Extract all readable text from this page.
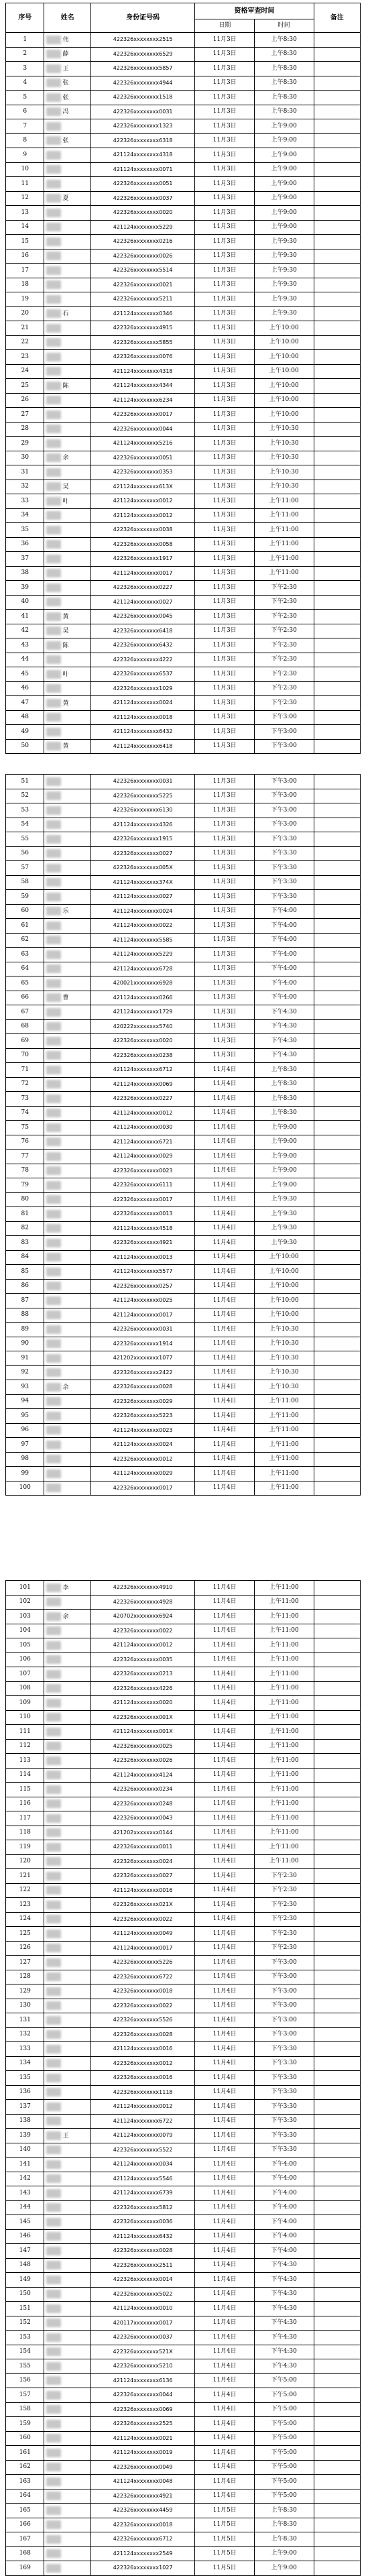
序号	姓名	身份证号码	资格审查时间		备注
			日期	时间	
1	伟	422326xxxxxxxx2515	11月3日	上午8:30	
2	薛	422326xxxxxxxx6529	11月3日	上午8:30	
3	王	422326xxxxxxxx5857	11月3日	上午8:30	
4	张	422326xxxxxxxx4944	11月3日	上午8:30	
5	张	422326xxxxxxxx1518	11月3日	上午8:30	
6	冯	422326xxxxxxxx0031	11月3日	上午8:30	
7		422326xxxxxxxx1323	11月3日	上午9:00	
8	张	422326xxxxxxxx6318	11月3日	上午9:00	
9		421124xxxxxxxx4318	11月3日	上午9:00	
10		421124xxxxxxxx0071	11月3日	上午9:00	
11		422326xxxxxxxx0051	11月3日	上午9:00	
12	夏	422326xxxxxxxx0037	11月3日	上午9:00	
13		422326xxxxxxxx0020	11月3日	上午9:00	
14		421124xxxxxxxx5229	11月3日	上午9:00	
15		422326xxxxxxxx0216	11月3日	上午9:30	
16		422326xxxxxxxx0026	11月3日	上午9:30	
17		422326xxxxxxxx5514	11月3日	上午9:30	
18		422326xxxxxxxx0021	11月3日	上午9:30	
19		422326xxxxxxxx5211	11月3日	上午9:30	
20	石	421124xxxxxxxx0346	11月3日	上午9:30	
21		422326xxxxxxxx4915	11月3日	上午10:00	
22		422326xxxxxxxx5855	11月3日	上午10:00	
23		422326xxxxxxxx0076	11月3日	上午10:00	
24		421124xxxxxxxx4318	11月3日	上午10:00	
25	陈	421124xxxxxxxx4344	11月3日	上午10:00	
26		421124xxxxxxxx6234	11月3日	上午10:00	
27		422326xxxxxxxx0017	11月3日	上午10:00	
28		422326xxxxxxxx0044	11月3日	上午10:30	
29		421124xxxxxxxx5216	11月3日	上午10:30	
30	余	422326xxxxxxxx0051	11月3日	上午10:30	
31		422326xxxxxxxx0353	11月3日	上午10:30	
32	吴	421124xxxxxxxx613X	11月3日	上午10:30	
33	叶	421124xxxxxxxx0012	11月3日	上午11:00	
34		421124xxxxxxxx0012	11月3日	上午11:00	
35		422326xxxxxxxx0038	11月3日	上午11:00	
36		422326xxxxxxxx0058	11月3日	上午11:00	
37		422326xxxxxxxx1917	11月3日	上午11:00	
38		421124xxxxxxxx0017	11月3日	上午11:00	
39		422326xxxxxxxx0227	11月3日	下午2:30	
40		421124xxxxxxxx0027	11月3日	下午2:30	
41	黄	422326xxxxxxxx0045	11月3日	下午2:30	
42	吴	422326xxxxxxxx6418	11月3日	下午2:30	
43	陈	422326xxxxxxxx6432	11月3日	下午2:30	
44		422326xxxxxxxx4222	11月3日	下午2:30	
45	叶	422326xxxxxxxx6537	11月3日	下午2:30	
46		422326xxxxxxxx1029	11月3日	下午2:30	
47	黄	421124xxxxxxxx0024	11月3日	下午2:30	
48		421124xxxxxxxx0018	11月3日	下午3:00	
49		421124xxxxxxxx6432	11月3日	下午3:00	
50	黄	421124xxxxxxxx6418	11月3日	下午3:00	
51		422326xxxxxxxx0031	11月3日	下午3:00	
52		422326xxxxxxxx5225	11月3日	下午3:00	
53		422326xxxxxxxx6130	11月3日	下午3:00	
54		421124xxxxxxxx4326	11月3日	下午3:00	
55		422326xxxxxxxx1915	11月3日	下午3:30	
56		422326xxxxxxxx0027	11月3日	下午3:30	
57		422326xxxxxxxx005X	11月3日	下午3:30	
58		421124xxxxxxxx374X	11月3日	下午3:30	
59		421124xxxxxxxx0027	11月3日	下午3:30	
60	乐	421124xxxxxxxx0024	11月3日	下午4:00	
61		421124xxxxxxxx0022	11月3日	下午4:00	
62		421124xxxxxxxx5585	11月3日	下午4:00	
63		421124xxxxxxxx5229	11月3日	下午4:00	
64		421124xxxxxxxx6728	11月3日	下午4:00	
65		420021xxxxxxxx6928	11月3日	下午4:00	
66	曹	421124xxxxxxxx0266	11月3日	下午4:00	
67		421124xxxxxxxx1729	11月3日	下午4:30	
68		420222xxxxxxxx5740	11月3日	下午4:30	
69		422326xxxxxxxx0020	11月3日	下午4:30	
70		422326xxxxxxxx0238	11月3日	下午4:30	
71		421124xxxxxxxx6712	11月4日	上午8:30	
72		421124xxxxxxxx0069	11月4日	上午8:30	
73		422326xxxxxxxx0227	11月4日	上午8:30	
74		421124xxxxxxxx0012	11月4日	上午8:30	
75		421124xxxxxxxx0030	11月4日	上午9:00	
76		421124xxxxxxxx6721	11月4日	上午9:00	
77		421124xxxxxxxx0029	11月4日	上午9:00	
78		422326xxxxxxxx0023	11月4日	上午9:00	
79		422326xxxxxxxx6111	11月4日	上午9:00	
80		422326xxxxxxxx0017	11月4日	上午9:30	
81		422326xxxxxxxx0013	11月4日	上午9:30	
82		421124xxxxxxxx4518	11月4日	上午9:30	
83		422326xxxxxxxx4921	11月4日	上午9:30	
84		421124xxxxxxxx0013	11月4日	上午10:00	
85		421124xxxxxxxx5577	11月4日	上午10:00	
86		422326xxxxxxxx0257	11月4日	上午10:00	
87		421124xxxxxxxx0025	11月4日	上午10:00	
88		421124xxxxxxxx0017	11月4日	上午10:00	
89		422326xxxxxxxx0031	11月4日	上午10:30	
90		422326xxxxxxxx1914	11月4日	上午10:30	
91		421202xxxxxxxx1077	11月4日	上午10:30	
92		422326xxxxxxxx2422	11月4日	上午10:30	
93	余	422326xxxxxxxx0028	11月4日	上午10:30	
94		422326xxxxxxxx0029	11月4日	上午11:00	
95		422326xxxxxxxx5223	11月4日	上午11:00	
96		421124xxxxxxxx0023	11月4日	上午11:00	
97		421124xxxxxxxx0024	11月4日	上午11:00	
98		422326xxxxxxxx0012	11月4日	上午11:00	
99		421124xxxxxxxx0029	11月4日	上午11:00	
100		422326xxxxxxxx0017	11月4日	上午11:00	
101	李	422326xxxxxxxx4910	11月4日	上午11:00	
102		422326xxxxxxxx4928	11月4日	上午11:00	
103	余	420702xxxxxxxx6924	11月4日	上午11:00	
104		422326xxxxxxxx0022	11月4日	上午11:00	
105		421124xxxxxxxx0012	11月4日	上午11:00	
106		422326xxxxxxxx0035	11月4日	上午11:00	
107		422326xxxxxxxx0213	11月4日	上午11:00	
108		422326xxxxxxxx4226	11月4日	上午11:00	
109		421124xxxxxxxx0020	11月4日	上午11:00	
110		422326xxxxxxxx001X	11月4日	上午11:00	
111		421124xxxxxxxx001X	11月4日	上午11:00	
112		422326xxxxxxxx0025	11月4日	上午11:00	
113		422326xxxxxxxx0026	11月4日	上午11:00	
114		421124xxxxxxxx4124	11月4日	上午11:00	
115		422326xxxxxxxx0234	11月4日	上午11:00	
116		422326xxxxxxxx0248	11月4日	上午11:00	
117		422326xxxxxxxx0043	11月4日	上午11:00	
118		421202xxxxxxxx0144	11月4日	上午11:00	
119		422326xxxxxxxx0011	11月4日	上午11:00	
120		422326xxxxxxxx0024	11月4日	上午11:00	
121		422326xxxxxxxx0027	11月4日	下午2:30	
122		421124xxxxxxxx0016	11月4日	下午2:30	
123		422326xxxxxxxx021X	11月4日	下午2:30	
124		422326xxxxxxxx0022	11月4日	下午2:30	
125		421124xxxxxxxx0049	11月4日	下午2:30	
126		421124xxxxxxxx0017	11月4日	下午2:30	
127		422326xxxxxxxx5226	11月4日	下午3:00	
128		422326xxxxxxxx6722	11月4日	下午3:00	
129		422326xxxxxxxx0018	11月4日	下午3:00	
130		422326xxxxxxxx0022	11月4日	下午3:00	
131		422326xxxxxxxx5526	11月4日	下午3:00	
132		422326xxxxxxxx0028	11月4日	下午3:00	
133		421124xxxxxxxx0016	11月4日	下午3:30	
134		422326xxxxxxxx0012	11月4日	下午3:30	
135		422326xxxxxxxx0016	11月4日	下午3:30	
136		422326xxxxxxxx1118	11月4日	下午3:30	
137		421124xxxxxxxx0012	11月4日	下午3:30	
138		421124xxxxxxxx6722	11月4日	下午3:30	
139	王	421124xxxxxxxx0079	11月4日	下午3:30	
140		422326xxxxxxxx5522	11月4日	下午3:30	
141		421124xxxxxxxx0034	11月4日	下午4:00	
142		421124xxxxxxxx5546	11月4日	下午4:00	
143		421124xxxxxxxx6739	11月4日	下午4:00	
144		422326xxxxxxxx5812	11月4日	下午4:00	
145		422326xxxxxxxx0036	11月4日	下午4:00	
146		421124xxxxxxxx6432	11月4日	下午4:00	
147		422326xxxxxxxx0028	11月4日	下午4:00	
148		422326xxxxxxxx2511	11月4日	下午4:30	
149		422326xxxxxxxx0014	11月4日	下午4:30	
150		422326xxxxxxxx5022	11月4日	下午4:30	
151		421124xxxxxxxx0010	11月4日	下午4:30	
152		420117xxxxxxxx0017	11月4日	下午4:30	
153		422326xxxxxxxx0037	11月4日	下午4:30	
154		422326xxxxxxxx521X	11月4日	下午4:30	
155		422326xxxxxxxx5210	11月4日	下午4:30	
156		421124xxxxxxxx6136	11月4日	下午5:00	
157		422326xxxxxxxx0044	11月4日	下午5:00	
158		422326xxxxxxxx0069	11月4日	下午5:00	
159		422326xxxxxxxx2525	11月4日	下午5:00	
160		421124xxxxxxxx0021	11月4日	下午5:00	
161		421124xxxxxxxx0019	11月4日	下午5:00	
162		422326xxxxxxxx0049	11月4日	下午5:00	
163		421124xxxxxxxx0048	11月4日	下午5:00	
164		422326xxxxxxxx4921	11月4日	下午5:00	
165		422326xxxxxxxx4459	11月5日	上午8:30	
166		422326xxxxxxxx0018	11月5日	上午8:30	
167		422326xxxxxxxx6712	11月5日	上午8:30	
168		421124xxxxxxxx2549	11月5日	上午9:00	
169		422326xxxxxxxx1027	11月5日	上午9:00	
